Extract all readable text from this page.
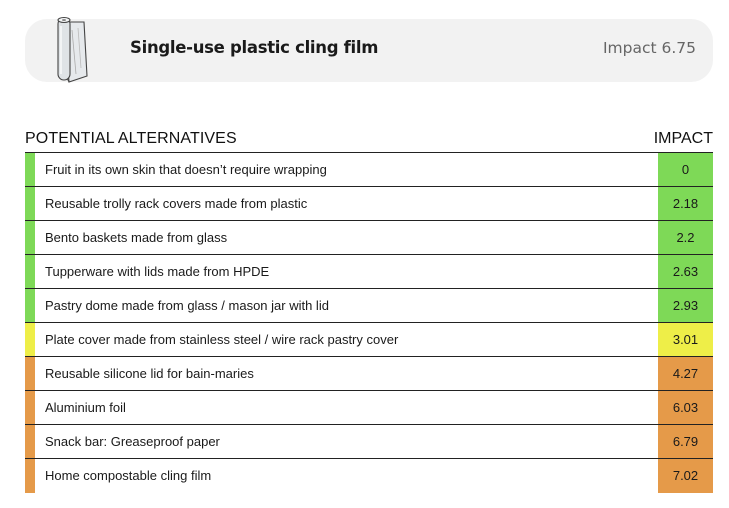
Single-use plastic cling film	Impact 6.75
POTENTIAL ALTERNATIVES	IMPACT
Fruit in its own skin that doesn’t require wrapping	0
Reusable trolly rack covers made from plastic	2.18
Bento baskets made from glass	2.2
Tupperware with lids made from HPDE	2.63
Pastry dome made from glass / mason jar with lid	2.93
Plate cover made from stainless steel / wire rack pastry cover	3.01
Reusable silicone lid for bain-maries	4.27
Aluminium foil	6.03
Snack bar: Greaseproof paper	6.79
Home compostable cling film	7.02
